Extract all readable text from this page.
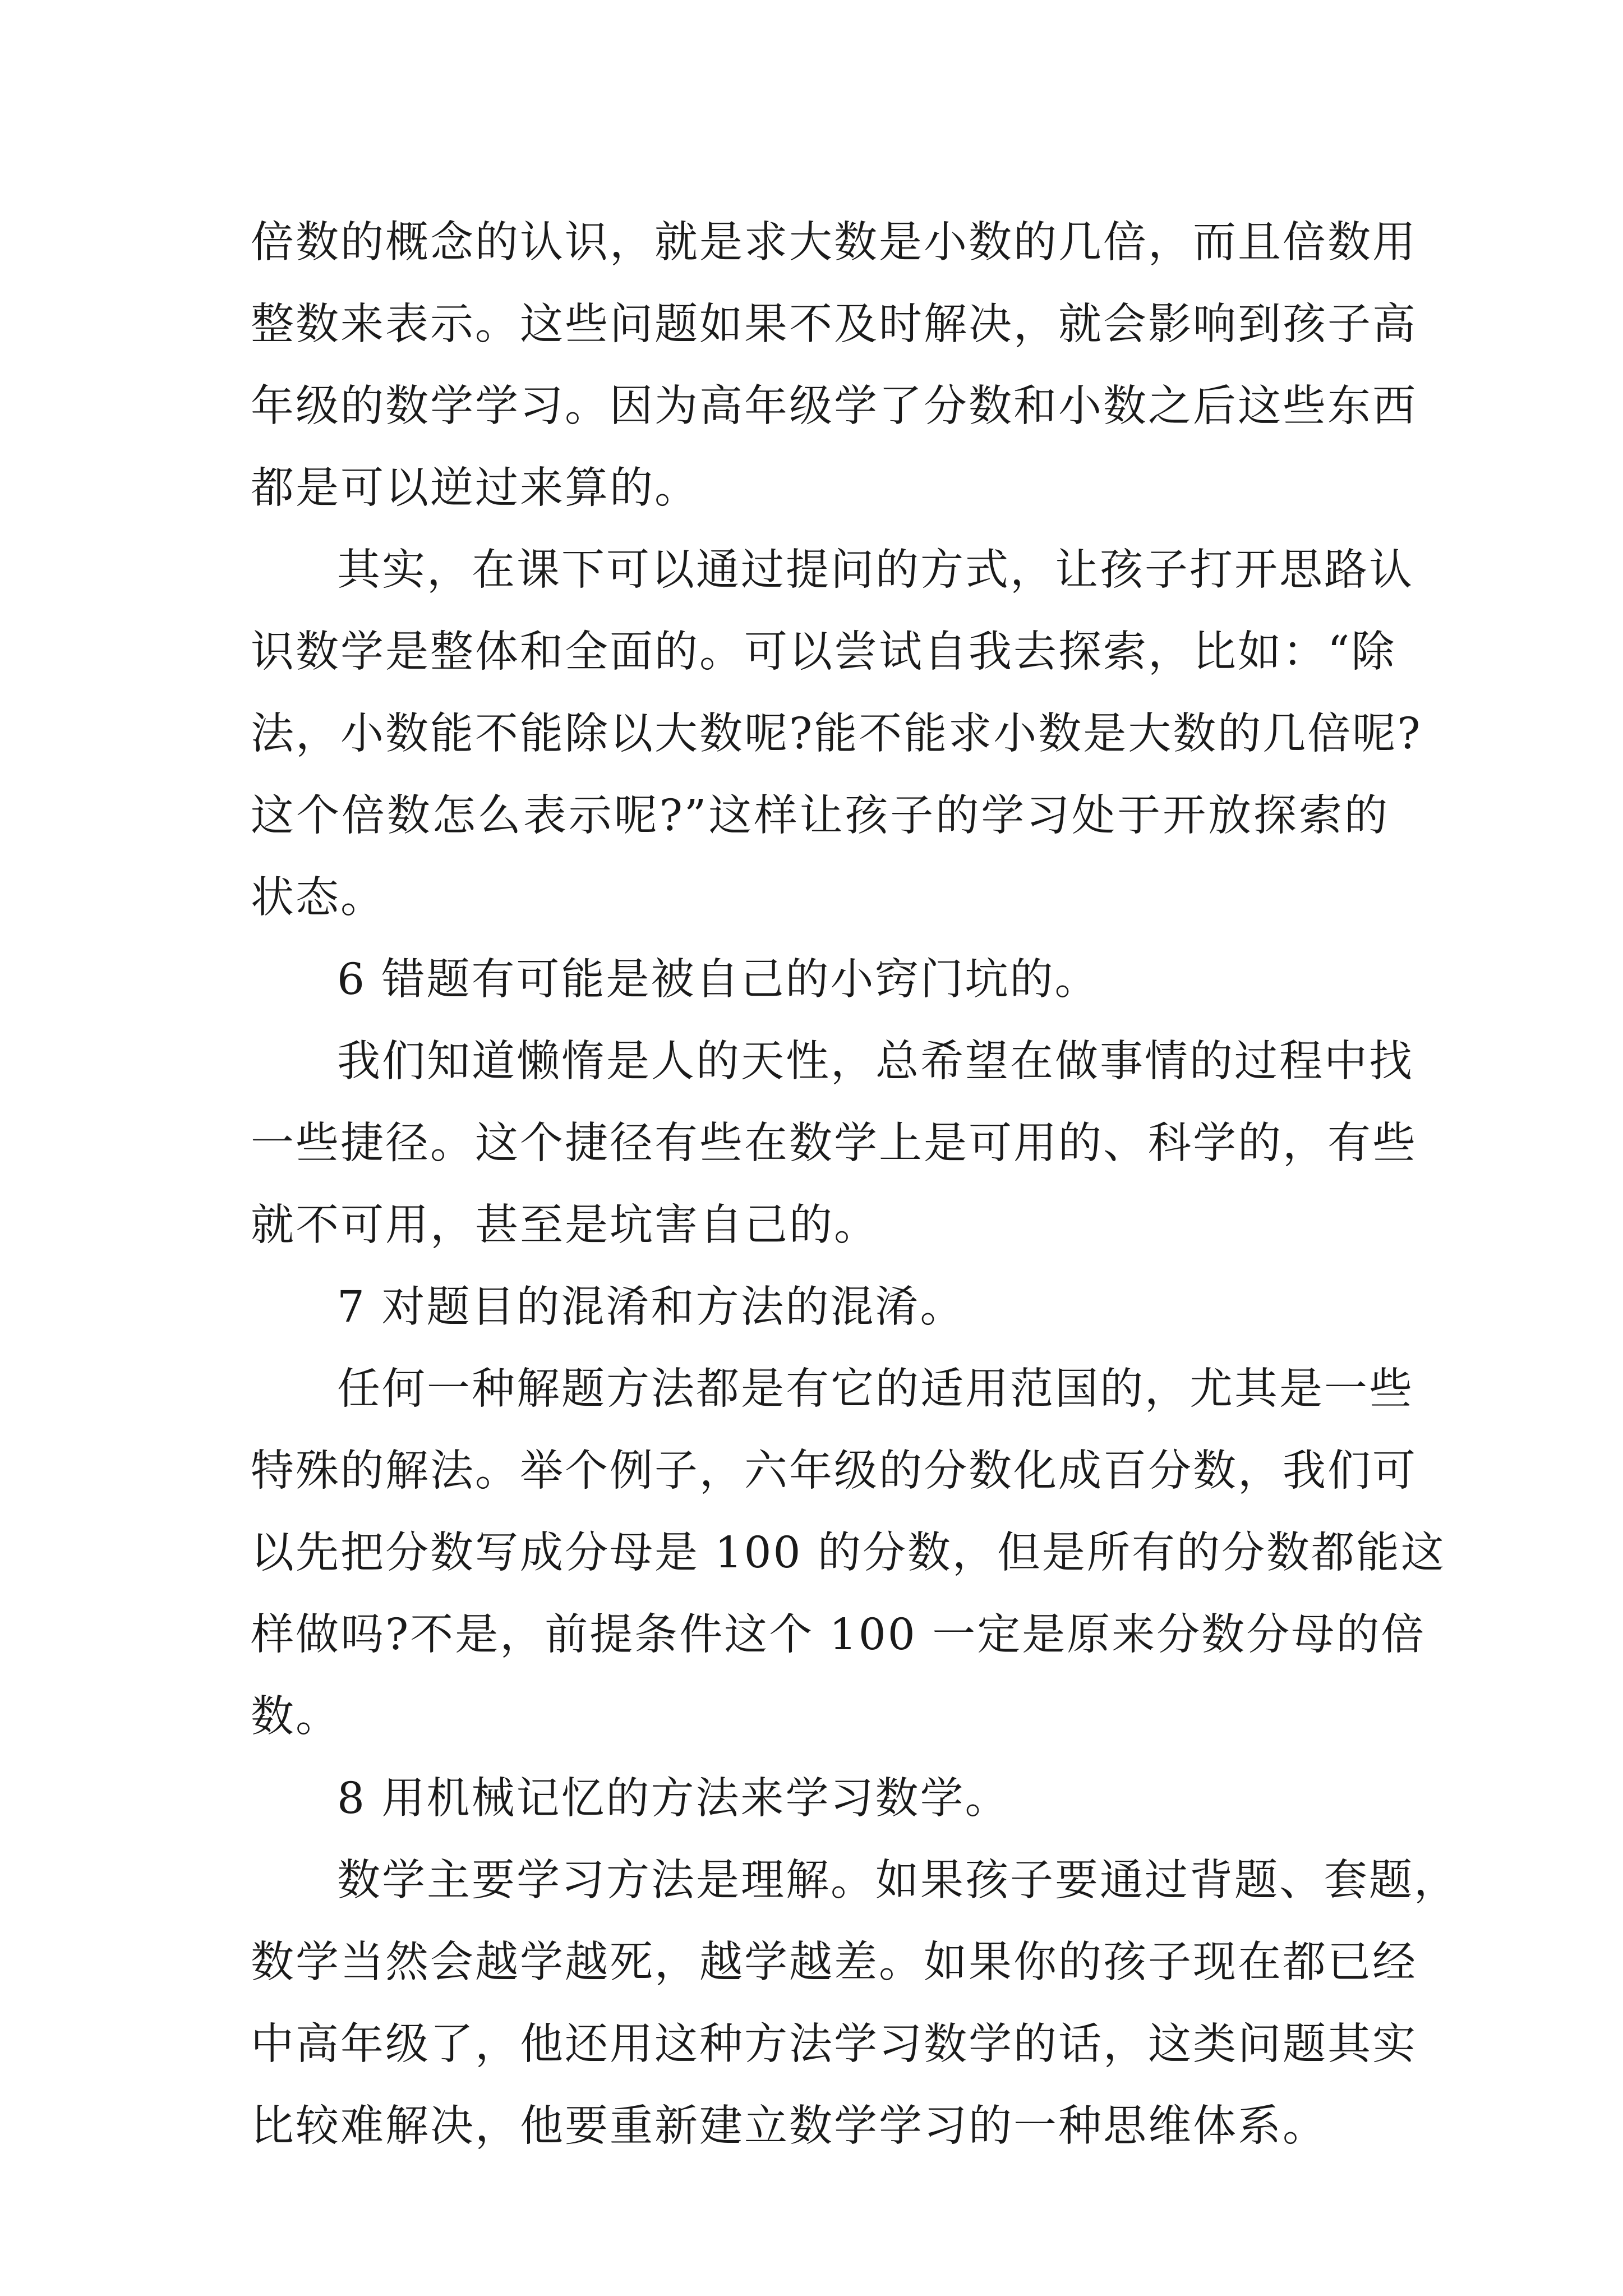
倍数的概念的认识，就是求大数是小数的几倍，而且倍数用
整数来表示。这些问题如果不及时解决，就会影响到孩子高
年级的数学学习。因为高年级学了分数和小数之后这些东西
都是可以逆过来算的。
其实，在课下可以通过提问的方式，让孩子打开思路认
识数学是整体和全面的。可以尝试自我去探索，比如：“除
法，小数能不能除以大数呢?能不能求小数是大数的几倍呢?
这个倍数怎么表示呢?”这样让孩子的学习处于开放探索的
状态。
6 错题有可能是被自己的小窍门坑的。
我们知道懒惰是人的天性，总希望在做事情的过程中找
一些捷径。这个捷径有些在数学上是可用的、科学的，有些
就不可用，甚至是坑害自己的。
7 对题目的混淆和方法的混淆。
任何一种解题方法都是有它的适用范国的，尤其是一些
特殊的解法。举个例子，六年级的分数化成百分数，我们可
以先把分数写成分母是 100 的分数，但是所有的分数都能这
样做吗?不是，前提条件这个 100 一定是原来分数分母的倍
数。
8 用机械记忆的方法来学习数学。
数学主要学习方法是理解。如果孩子要通过背题、套题，
数学当然会越学越死，越学越差。如果你的孩子现在都已经
中高年级了，他还用这种方法学习数学的话，这类问题其实
比较难解决，他要重新建立数学学习的一种思维体系。
